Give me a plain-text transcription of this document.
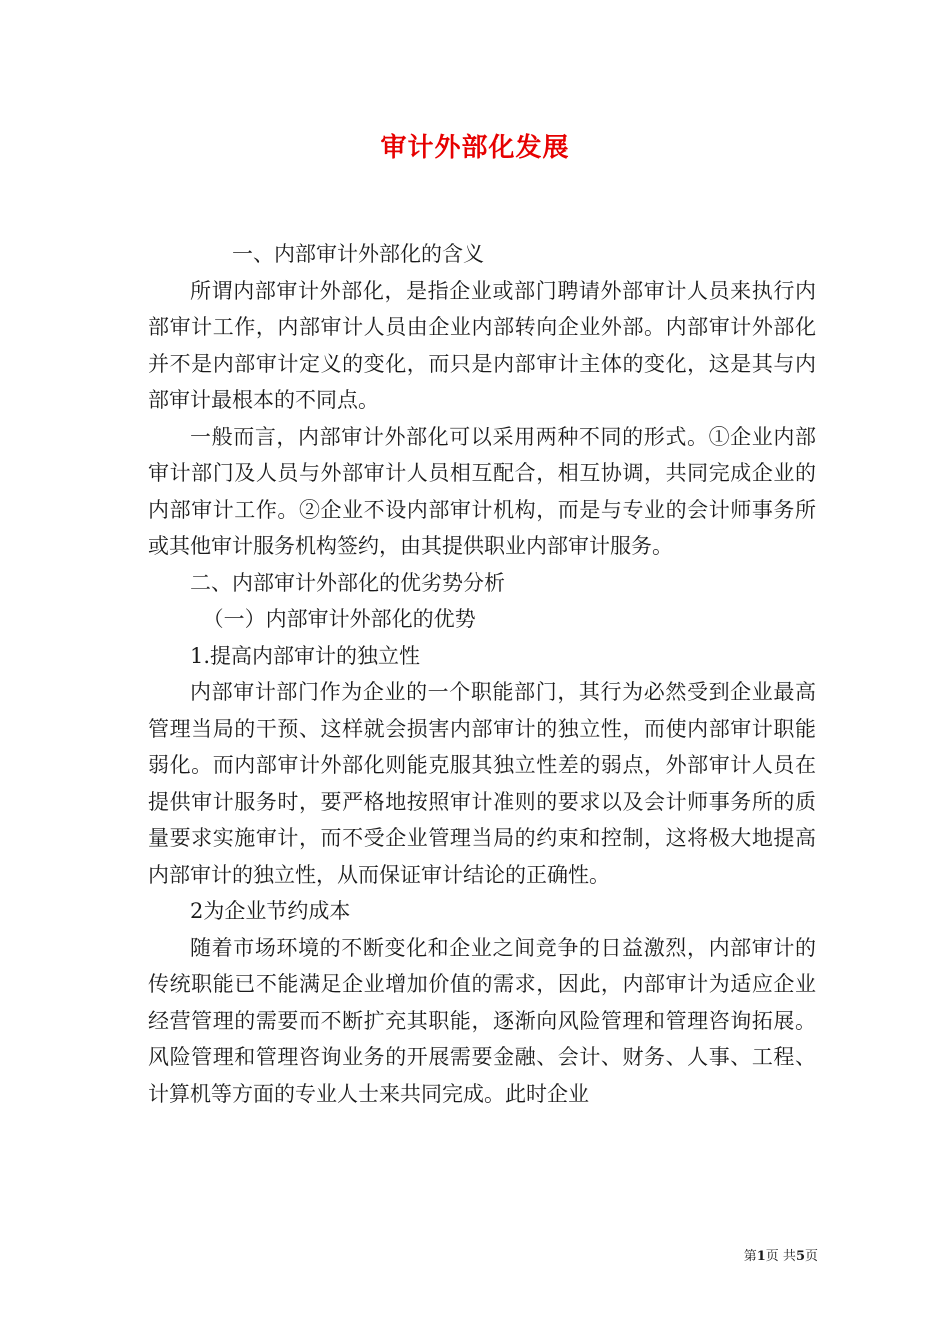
审计外部化发展

一、内部审计外部化的含义

所谓内部审计外部化，是指企业或部门聘请外部审计人员来执行内部审计工作，内部审计人员由企业内部转向企业外部。内部审计外部化并不是内部审计定义的变化，而只是内部审计主体的变化，这是其与内部审计最根本的不同点。

一般而言，内部审计外部化可以采用两种不同的形式。①企业内部审计部门及人员与外部审计人员相互配合，相互协调，共同完成企业的内部审计工作。②企业不设内部审计机构，而是与专业的会计师事务所或其他审计服务机构签约，由其提供职业内部审计服务。

二、内部审计外部化的优劣势分析

（一）内部审计外部化的优势

1.提高内部审计的独立性

内部审计部门作为企业的一个职能部门，其行为必然受到企业最高管理当局的干预、这样就会损害内部审计的独立性，而使内部审计职能弱化。而内部审计外部化则能克服其独立性差的弱点，外部审计人员在提供审计服务时，要严格地按照审计准则的要求以及会计师事务所的质量要求实施审计，而不受企业管理当局的约束和控制，这将极大地提高内部审计的独立性，从而保证审计结论的正确性。

2为企业节约成本

随着市场环境的不断变化和企业之间竞争的日益激烈，内部审计的传统职能已不能满足企业增加价值的需求，因此，内部审计为适应企业经营管理的需要而不断扩充其职能，逐渐向风险管理和管理咨询拓展。风险管理和管理咨询业务的开展需要金融、会计、财务、人事、工程、计算机等方面的专业人士来共同完成。此时企业

第1页 共5页
